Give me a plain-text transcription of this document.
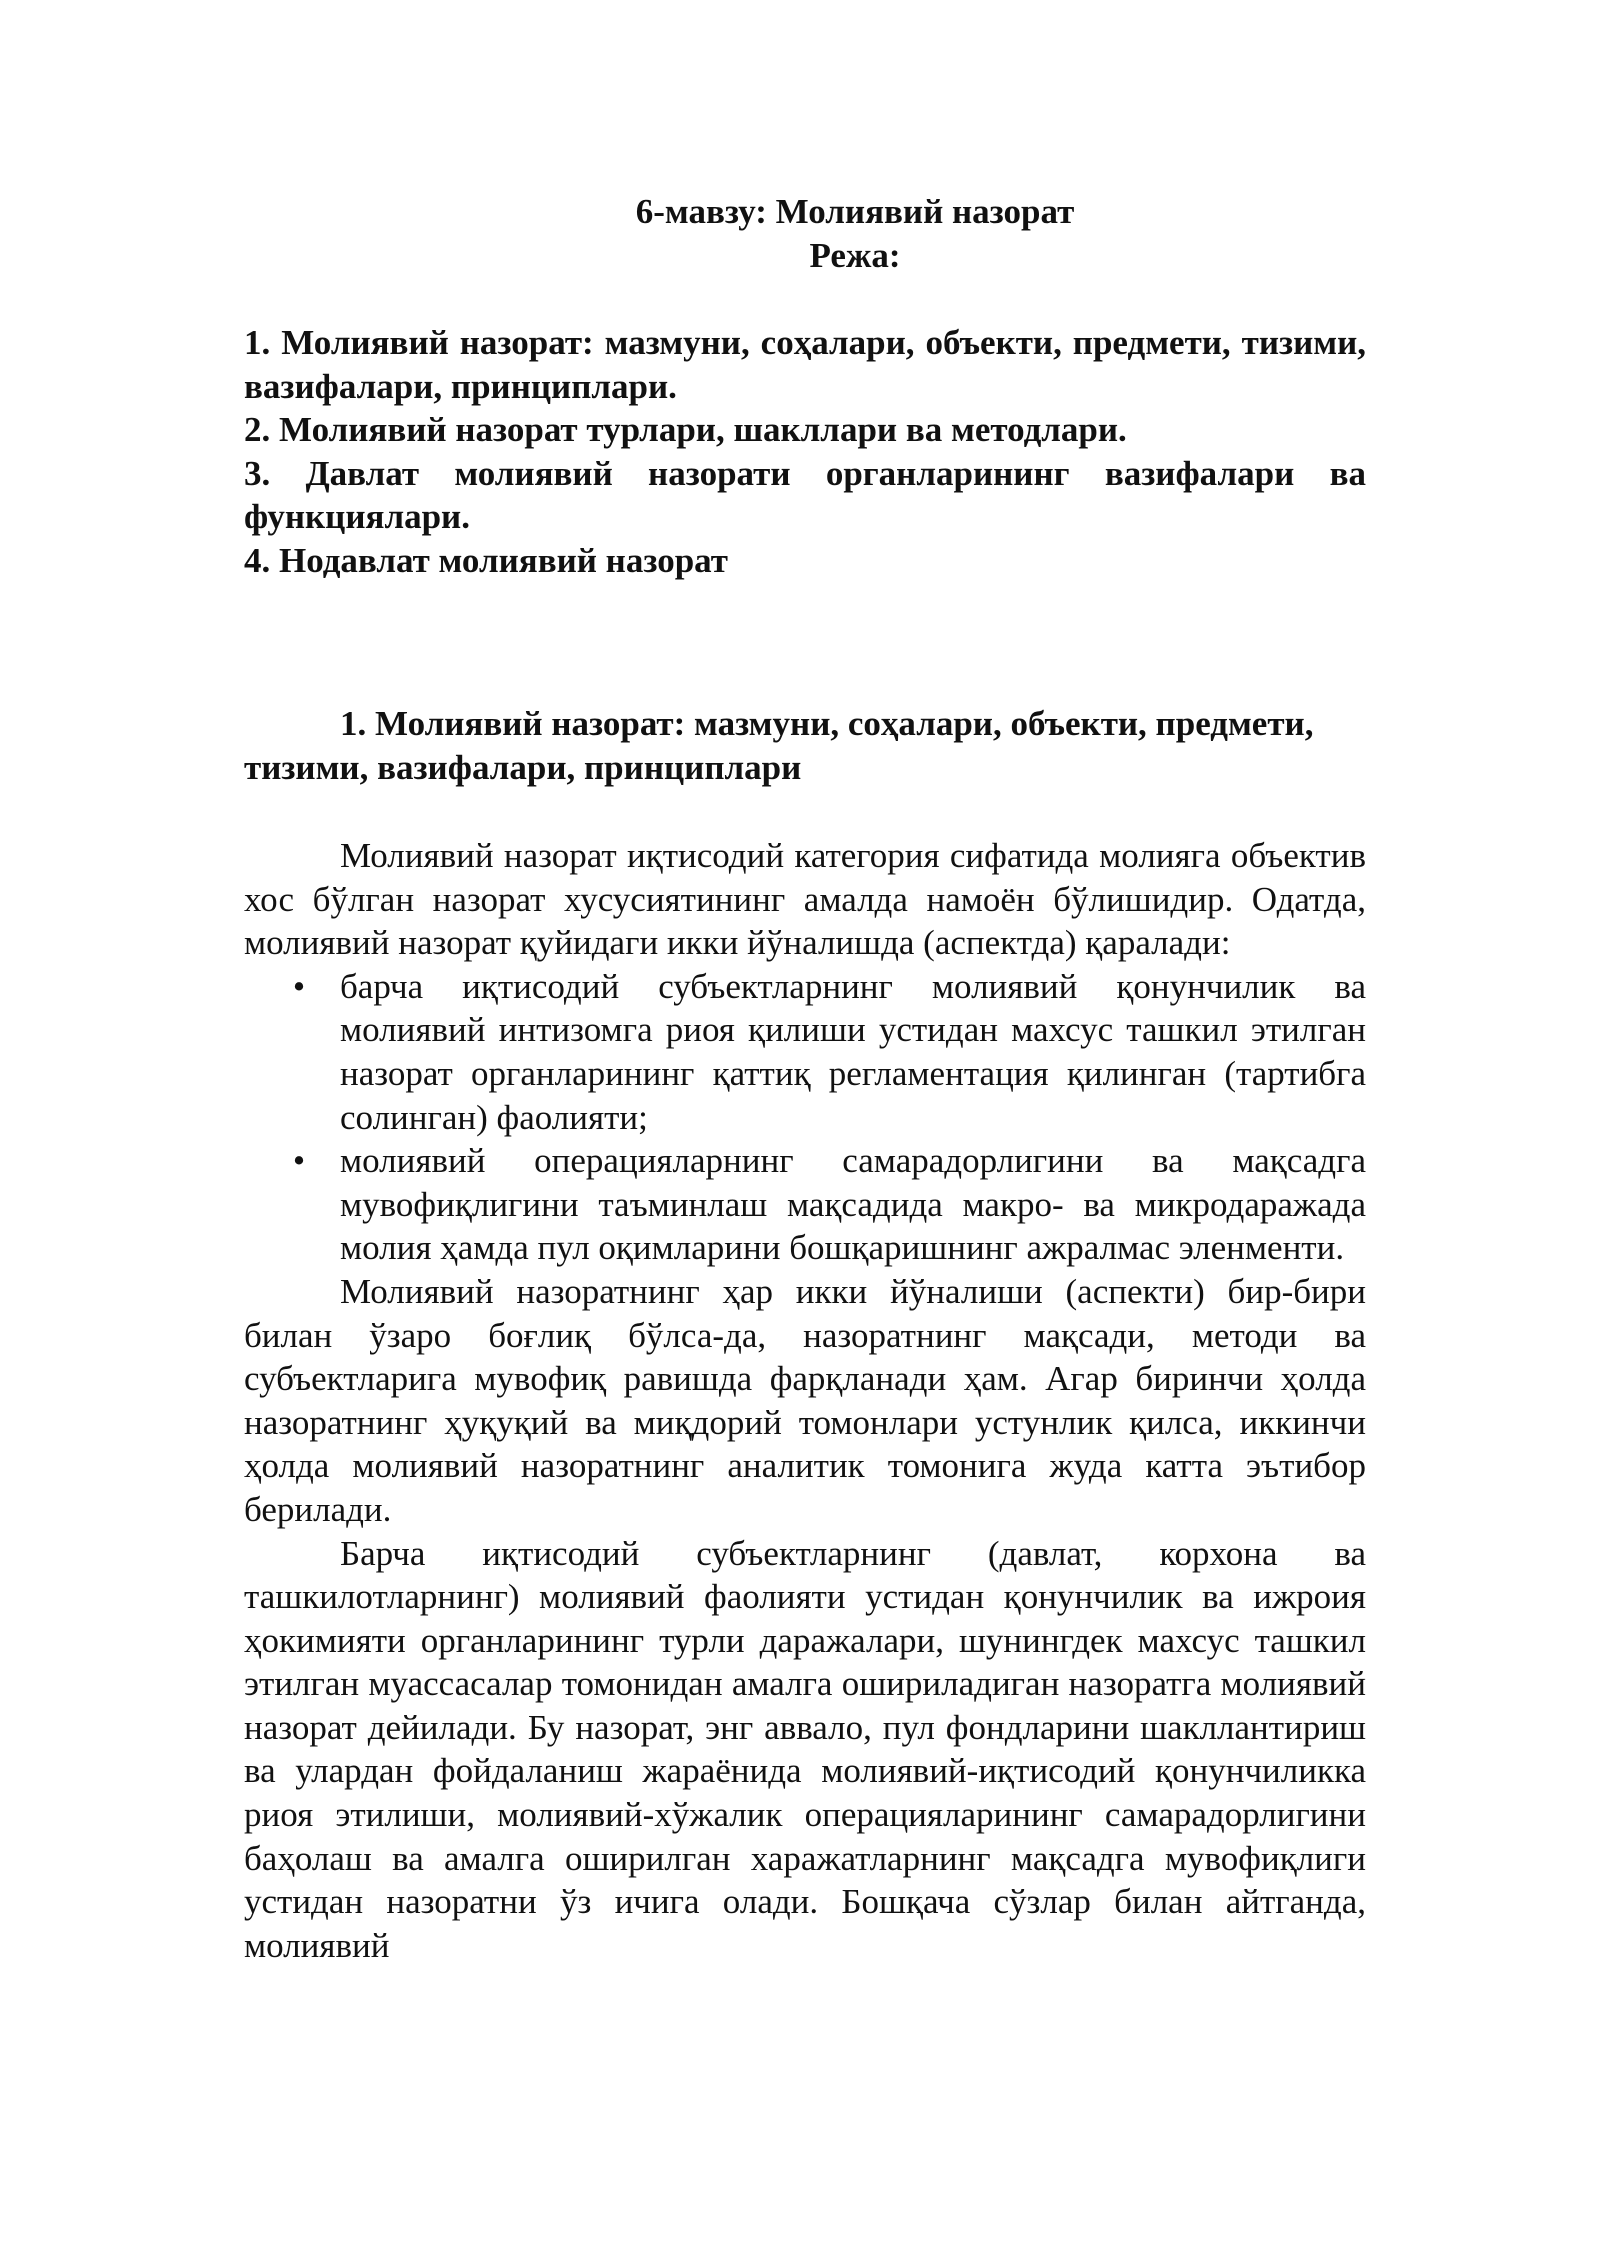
6-мавзу: Молиявий назорат
Режа:

1. Молиявий назорат: мазмуни, соҳалари, объекти, предмети, тизими, вазифалари, принциплари.

2. Молиявий назорат турлари, шакллари ва методлари.

3. Давлат молиявий назорати органларининг вазифалари ва функциялари.

4. Нодавлат молиявий назорат

1. Молиявий назорат: мазмуни, соҳалари, объекти, предмети, тизими, вазифалари, принциплари

Молиявий назорат иқтисодий категория сифатида молияга объектив хос бўлган назорат хусусиятининг амалда намоён бўлишидир. Одатда, молиявий назорат қуйидаги икки йўналишда (аспектда) қаралади:

• барча иқтисодий субъектларнинг молиявий қонунчилик ва молиявий интизомга риоя қилиши устидан махсус ташкил этилган назорат органларининг қаттиқ регламентация қилинган (тартибга солинган) фаолияти;
• молиявий операцияларнинг самарадорлигини ва мақсадга мувофиқлигини таъминлаш мақсадида макро- ва микродаражада молия ҳамда пул оқимларини бошқаришнинг ажралмас эленменти.

Молиявий назоратнинг ҳар икки йўналиши (аспекти) бир-бири билан ўзаро боғлиқ бўлса-да, назоратнинг мақсади, методи ва субъектларига мувофиқ равишда фарқланади ҳам. Агар биринчи ҳолда назоратнинг ҳуқуқий ва миқдорий томонлари устунлик қилса, иккинчи ҳолда молиявий назоратнинг аналитик томонига жуда катта эътибор берилади.

Барча иқтисодий субъектларнинг (давлат, корхона ва ташкилотларнинг) молиявий фаолияти устидан қонунчилик ва ижроия ҳокимияти органларининг турли даражалари, шунингдек махсус ташкил этилган муассасалар томонидан амалга ошириладиган назоратга молиявий назорат дейилади. Бу назорат, энг аввало, пул фондларини шакллантириш ва улардан фойдаланиш жараёнида молиявий-иқтисодий қонунчиликка риоя этилиши, молиявий-хўжалик операцияларининг самарадорлигини баҳолаш ва амалга оширилган харажатларнинг мақсадга мувофиқлиги устидан назоратни ўз ичига олади. Бошқача сўзлар билан айтганда, молиявий
